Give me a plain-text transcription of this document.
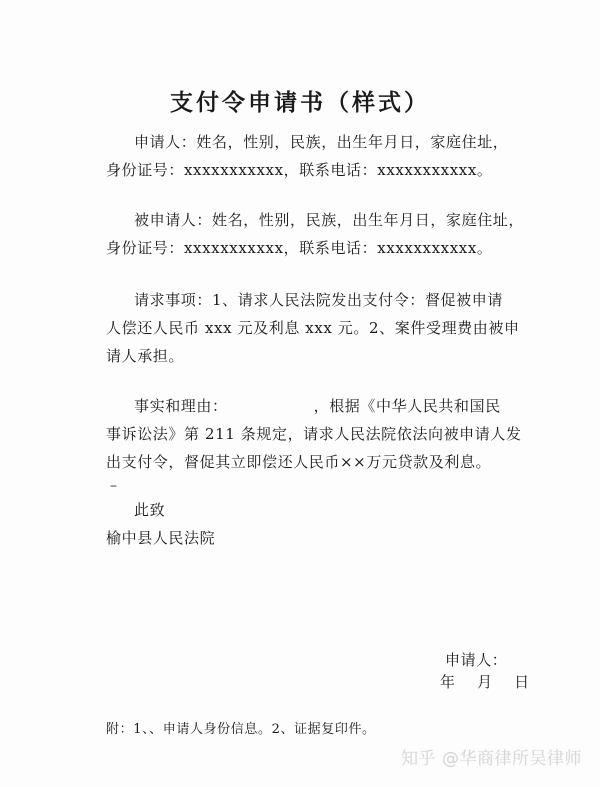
支付令申请书（样式）
申请人：姓名，性别，民族，出生年月日，家庭住址，
身份证号：xxxxxxxxxxx，联系电话：xxxxxxxxxxx。
被申请人：姓名，性别，民族，出生年月日，家庭住址，
身份证号：xxxxxxxxxxx，联系电话：xxxxxxxxxxx。
请求事项：1、请求人民法院发出支付令：督促被申请
人偿还人民币 xxx 元及利息 xxx 元。2、案件受理费由被申
请人承担。
事实和理由：	，根据《中华人民共和国民
事诉讼法》第 211 条规定，请求人民法院依法向被申请人发
出支付令，督促其立即偿还人民币××万元贷款及利息。
–
此致
榆中县人民法院
申请人：
年    月    日
附：1、、申请人身份信息。2、证据复印件。
知乎 @华商律所吴律师
